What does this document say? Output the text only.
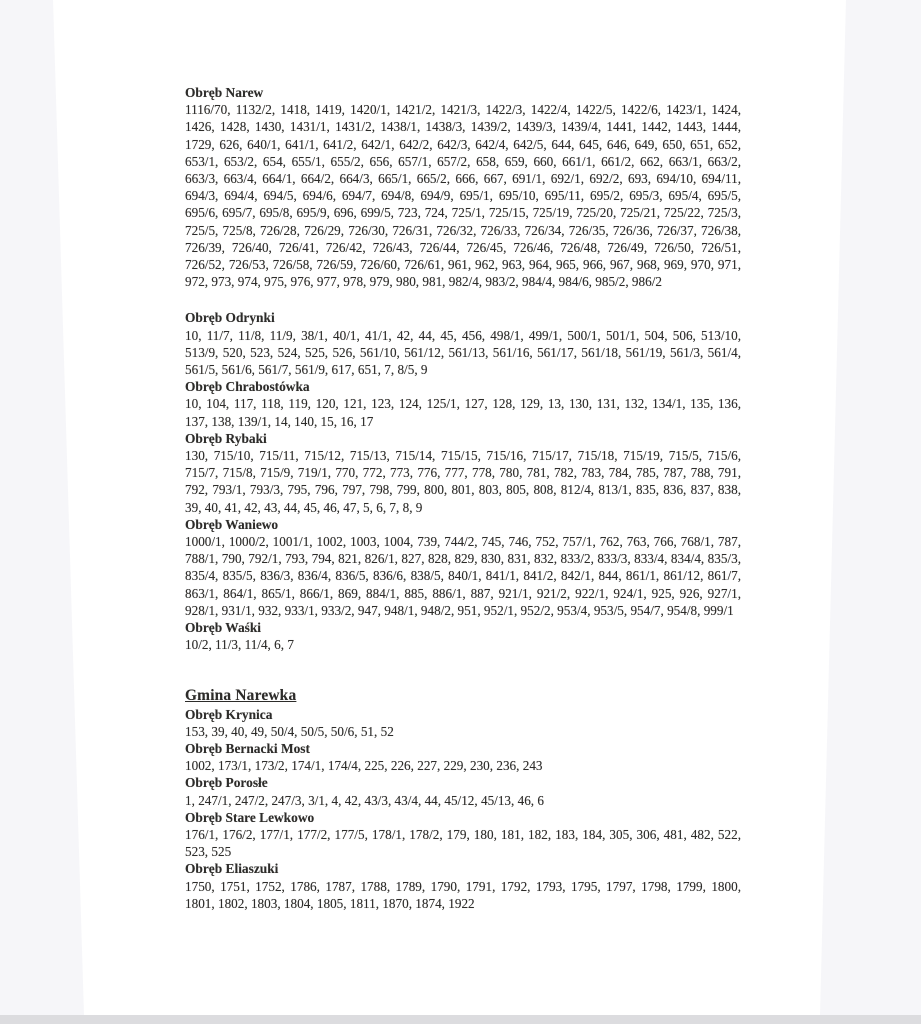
Obręb Narew

1116/70, 1132/2, 1418, 1419, 1420/1, 1421/2, 1421/3, 1422/3, 1422/4, 1422/5, 1422/6, 1423/1, 1424, 1426, 1428, 1430, 1431/1, 1431/2, 1438/1, 1438/3, 1439/2, 1439/3, 1439/4, 1441, 1442, 1443, 1444, 1729, 626, 640/1, 641/1, 641/2, 642/1, 642/2, 642/3, 642/4, 642/5, 644, 645, 646, 649, 650, 651, 652, 653/1, 653/2, 654, 655/1, 655/2, 656, 657/1, 657/2, 658, 659, 660, 661/1, 661/2, 662, 663/1, 663/2, 663/3, 663/4, 664/1, 664/2, 664/3, 665/1, 665/2, 666, 667, 691/1, 692/1, 692/2, 693, 694/10, 694/11, 694/3, 694/4, 694/5, 694/6, 694/7, 694/8, 694/9, 695/1, 695/10, 695/11, 695/2, 695/3, 695/4, 695/5, 695/6, 695/7, 695/8, 695/9, 696, 699/5, 723, 724, 725/1, 725/15, 725/19, 725/20, 725/21, 725/22, 725/3, 725/5, 725/8, 726/28, 726/29, 726/30, 726/31, 726/32, 726/33, 726/34, 726/35, 726/36, 726/37, 726/38, 726/39, 726/40, 726/41, 726/42, 726/43, 726/44, 726/45, 726/46, 726/48, 726/49, 726/50, 726/51, 726/52, 726/53, 726/58, 726/59, 726/60, 726/61, 961, 962, 963, 964, 965, 966, 967, 968, 969, 970, 971, 972, 973, 974, 975, 976, 977, 978, 979, 980, 981, 982/4, 983/2, 984/4, 984/6, 985/2, 986/2

Obręb Odrynki

10, 11/7, 11/8, 11/9, 38/1, 40/1, 41/1, 42, 44, 45, 456, 498/1, 499/1, 500/1, 501/1, 504, 506, 513/10, 513/9, 520, 523, 524, 525, 526, 561/10, 561/12, 561/13, 561/16, 561/17, 561/18, 561/19, 561/3, 561/4, 561/5, 561/6, 561/7, 561/9, 617, 651, 7, 8/5, 9

Obręb Chrabostówka

10, 104, 117, 118, 119, 120, 121, 123, 124, 125/1, 127, 128, 129, 13, 130, 131, 132, 134/1, 135, 136, 137, 138, 139/1, 14, 140, 15, 16, 17

Obręb Rybaki

130, 715/10, 715/11, 715/12, 715/13, 715/14, 715/15, 715/16, 715/17, 715/18, 715/19, 715/5, 715/6, 715/7, 715/8, 715/9, 719/1, 770, 772, 773, 776, 777, 778, 780, 781, 782, 783, 784, 785, 787, 788, 791, 792, 793/1, 793/3, 795, 796, 797, 798, 799, 800, 801, 803, 805, 808, 812/4, 813/1, 835, 836, 837, 838, 39, 40, 41, 42, 43, 44, 45, 46, 47, 5, 6, 7, 8, 9

Obręb Waniewo

1000/1, 1000/2, 1001/1, 1002, 1003, 1004, 739, 744/2, 745, 746, 752, 757/1, 762, 763, 766, 768/1, 787, 788/1, 790, 792/1, 793, 794, 821, 826/1, 827, 828, 829, 830, 831, 832, 833/2, 833/3, 833/4, 834/4, 835/3, 835/4, 835/5, 836/3, 836/4, 836/5, 836/6, 838/5, 840/1, 841/1, 841/2, 842/1, 844, 861/1, 861/12, 861/7, 863/1, 864/1, 865/1, 866/1, 869, 884/1, 885, 886/1, 887, 921/1, 921/2, 922/1, 924/1, 925, 926, 927/1, 928/1, 931/1, 932, 933/1, 933/2, 947, 948/1, 948/2, 951, 952/1, 952/2, 953/4, 953/5, 954/7, 954/8, 999/1

Obręb Waśki

10/2, 11/3, 11/4, 6, 7

Gmina Narewka
Obręb Krynica

153, 39, 40, 49, 50/4, 50/5, 50/6, 51, 52

Obręb Bernacki Most

1002, 173/1, 173/2, 174/1, 174/4, 225, 226, 227, 229, 230, 236, 243

Obręb Porosłe

1, 247/1, 247/2, 247/3, 3/1, 4, 42, 43/3, 43/4, 44, 45/12, 45/13, 46, 6

Obręb Stare Lewkowo

176/1, 176/2, 177/1, 177/2, 177/5, 178/1, 178/2, 179, 180, 181, 182, 183, 184, 305, 306, 481, 482, 522, 523, 525

Obręb Eliaszuki

1750, 1751, 1752, 1786, 1787, 1788, 1789, 1790, 1791, 1792, 1793, 1795, 1797, 1798, 1799, 1800, 1801, 1802, 1803, 1804, 1805, 1811, 1870, 1874, 1922
